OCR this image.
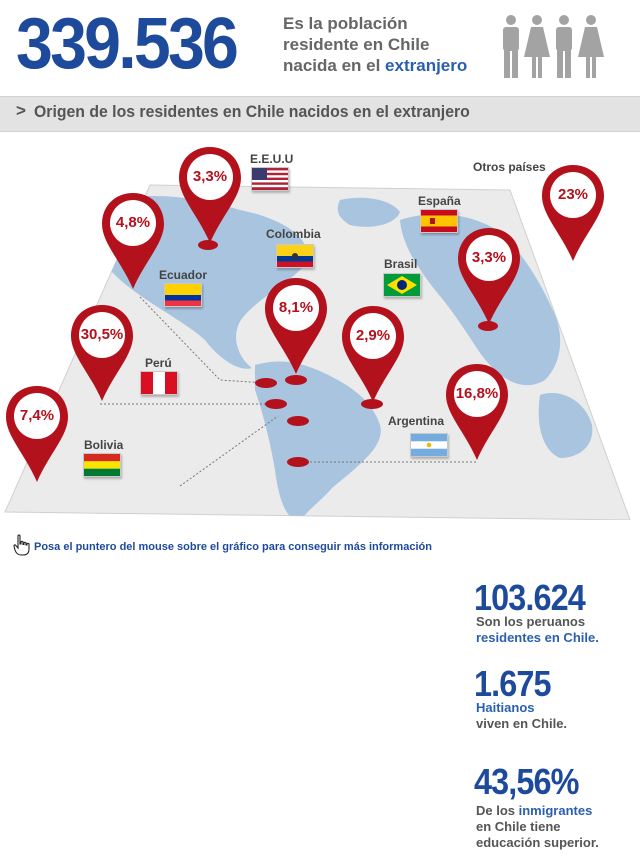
339.536	Es la población
residente en Chile
nacida en el extranjero
> Origen de los residentes en Chile nacidos en el extranjero
3,3%
4,8%
8,1%
30,5%
7,4%
2,9%
3,3%
16,8%
23%
E.E.U.U
Ecuador
Colombia
Perú
Bolivia
Brasil
España
Argentina
Otros países
Posa el puntero del mouse sobre el gráfico para conseguir más información
103.624
Son los peruanos
residentes en Chile.
1.675
Haitianos
viven en Chile.
43,56%
De los inmigrantes
en Chile tiene
educación superior.
